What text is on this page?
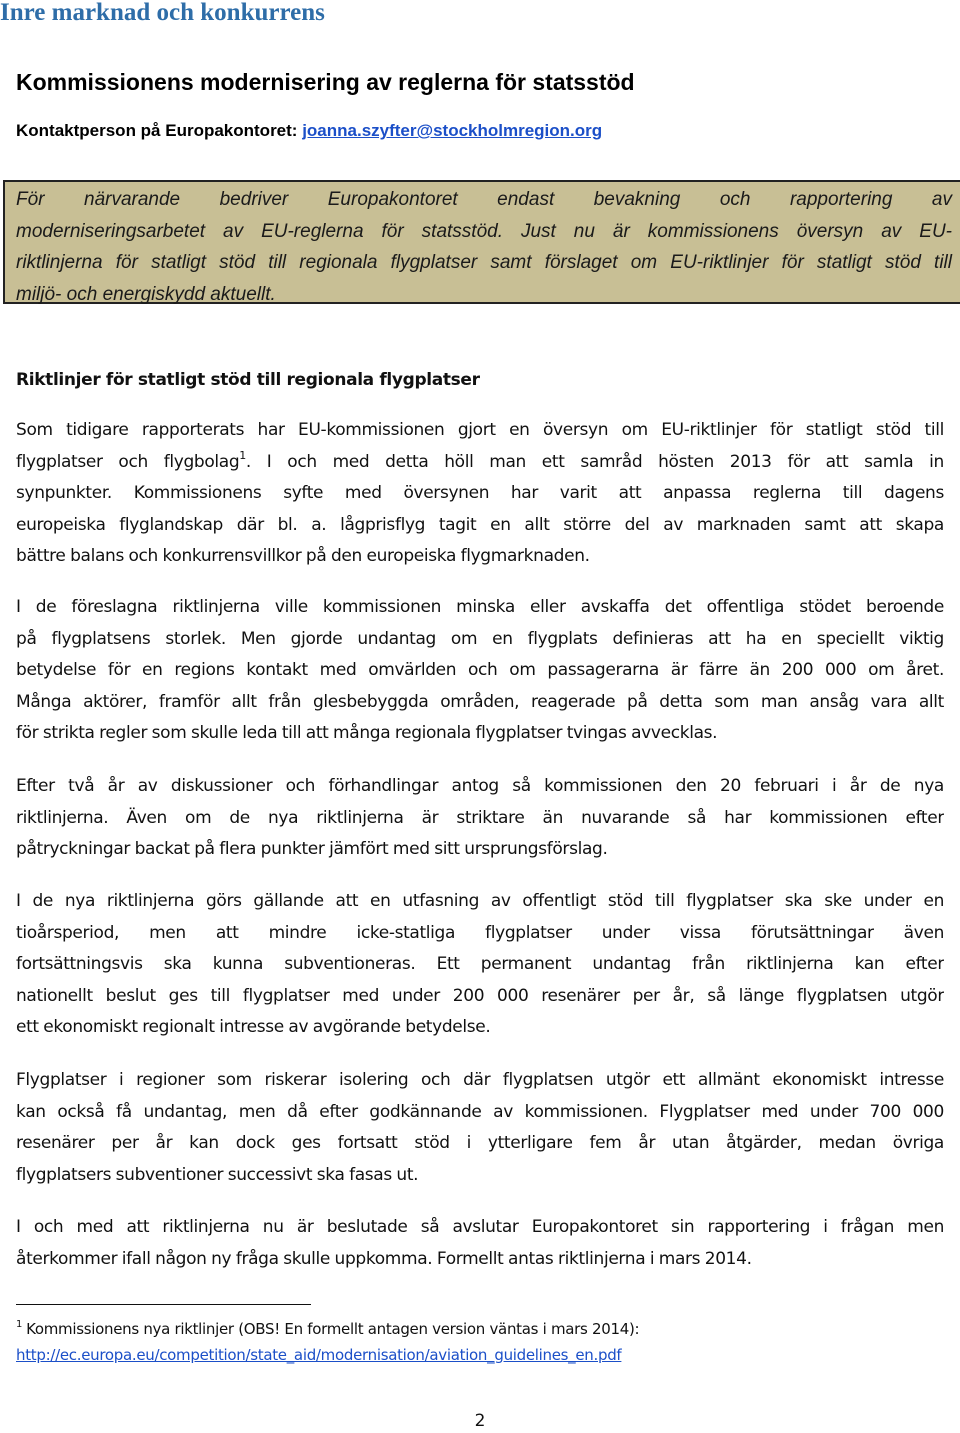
Inre marknad och konkurrens
Kommissionens modernisering av reglerna för statsstöd

Kontaktperson på Europakontoret: joanna.szyfter@stockholmregion.org

För närvarande bedriver Europakontoret endast bevakning och rapportering av
moderniseringsarbetet av EU-reglerna för statsstöd. Just nu är kommissionens översyn av EU-
riktlinjerna för statligt stöd till regionala flygplatser samt förslaget om EU-riktlinjer för statligt stöd till
miljö- och energiskydd aktuellt.
Riktlinjer för statligt stöd till regionala flygplatser
Som tidigare rapporterats har EU-kommissionen gjort en översyn om EU-riktlinjer för statligt stöd till
flygplatser och flygbolag$^1$. I och med detta höll man ett samråd hösten 2013 för att samla in
synpunkter. Kommissionens syfte med översynen har varit att anpassa reglerna till dagens
europeiska flyglandskap där bl. a. lågprisflyg tagit en allt större del av marknaden samt att skapa
bättre balans och konkurrensvillkor på den europeiska flygmarknaden.
I de föreslagna riktlinjerna ville kommissionen minska eller avskaffa det offentliga stödet beroende
på flygplatsens storlek. Men gjorde undantag om en flygplats definieras att ha en speciellt viktig
betydelse för en regions kontakt med omvärlden och om passagerarna är färre än 200 000 om året.
Många aktörer, framför allt från glesbebyggda områden, reagerade på detta som man ansåg vara allt
för strikta regler som skulle leda till att många regionala flygplatser tvingas avvecklas.
Efter två år av diskussioner och förhandlingar antog så kommissionen den 20 februari i år de nya
riktlinjerna. Även om de nya riktlinjerna är striktare än nuvarande så har kommissionen efter
påtryckningar backat på flera punkter jämfört med sitt ursprungsförslag.
I de nya riktlinjerna görs gällande att en utfasning av offentligt stöd till flygplatser ska ske under en
tioårsperiod, men att mindre icke-statliga flygplatser under vissa förutsättningar även
fortsättningsvis ska kunna subventioneras. Ett permanent undantag från riktlinjerna kan efter
nationellt beslut ges till flygplatser med under 200 000 resenärer per år, så länge flygplatsen utgör
ett ekonomiskt regionalt intresse av avgörande betydelse.
Flygplatser i regioner som riskerar isolering och där flygplatsen utgör ett allmänt ekonomiskt intresse
kan också få undantag, men då efter godkännande av kommissionen. Flygplatser med under 700 000
resenärer per år kan dock ges fortsatt stöd i ytterligare fem år utan åtgärder, medan övriga
flygplatsers subventioner successivt ska fasas ut.
I och med att riktlinjerna nu är beslutade så avslutar Europakontoret sin rapportering i frågan men
återkommer ifall någon ny fråga skulle uppkomma. Formellt antas riktlinjerna i mars 2014.
$^1$ Kommissionens nya riktlinjer (OBS! En formellt antagen version väntas i mars 2014):
http://ec.europa.eu/competition/state_aid/modernisation/aviation_guidelines_en.pdf
2
